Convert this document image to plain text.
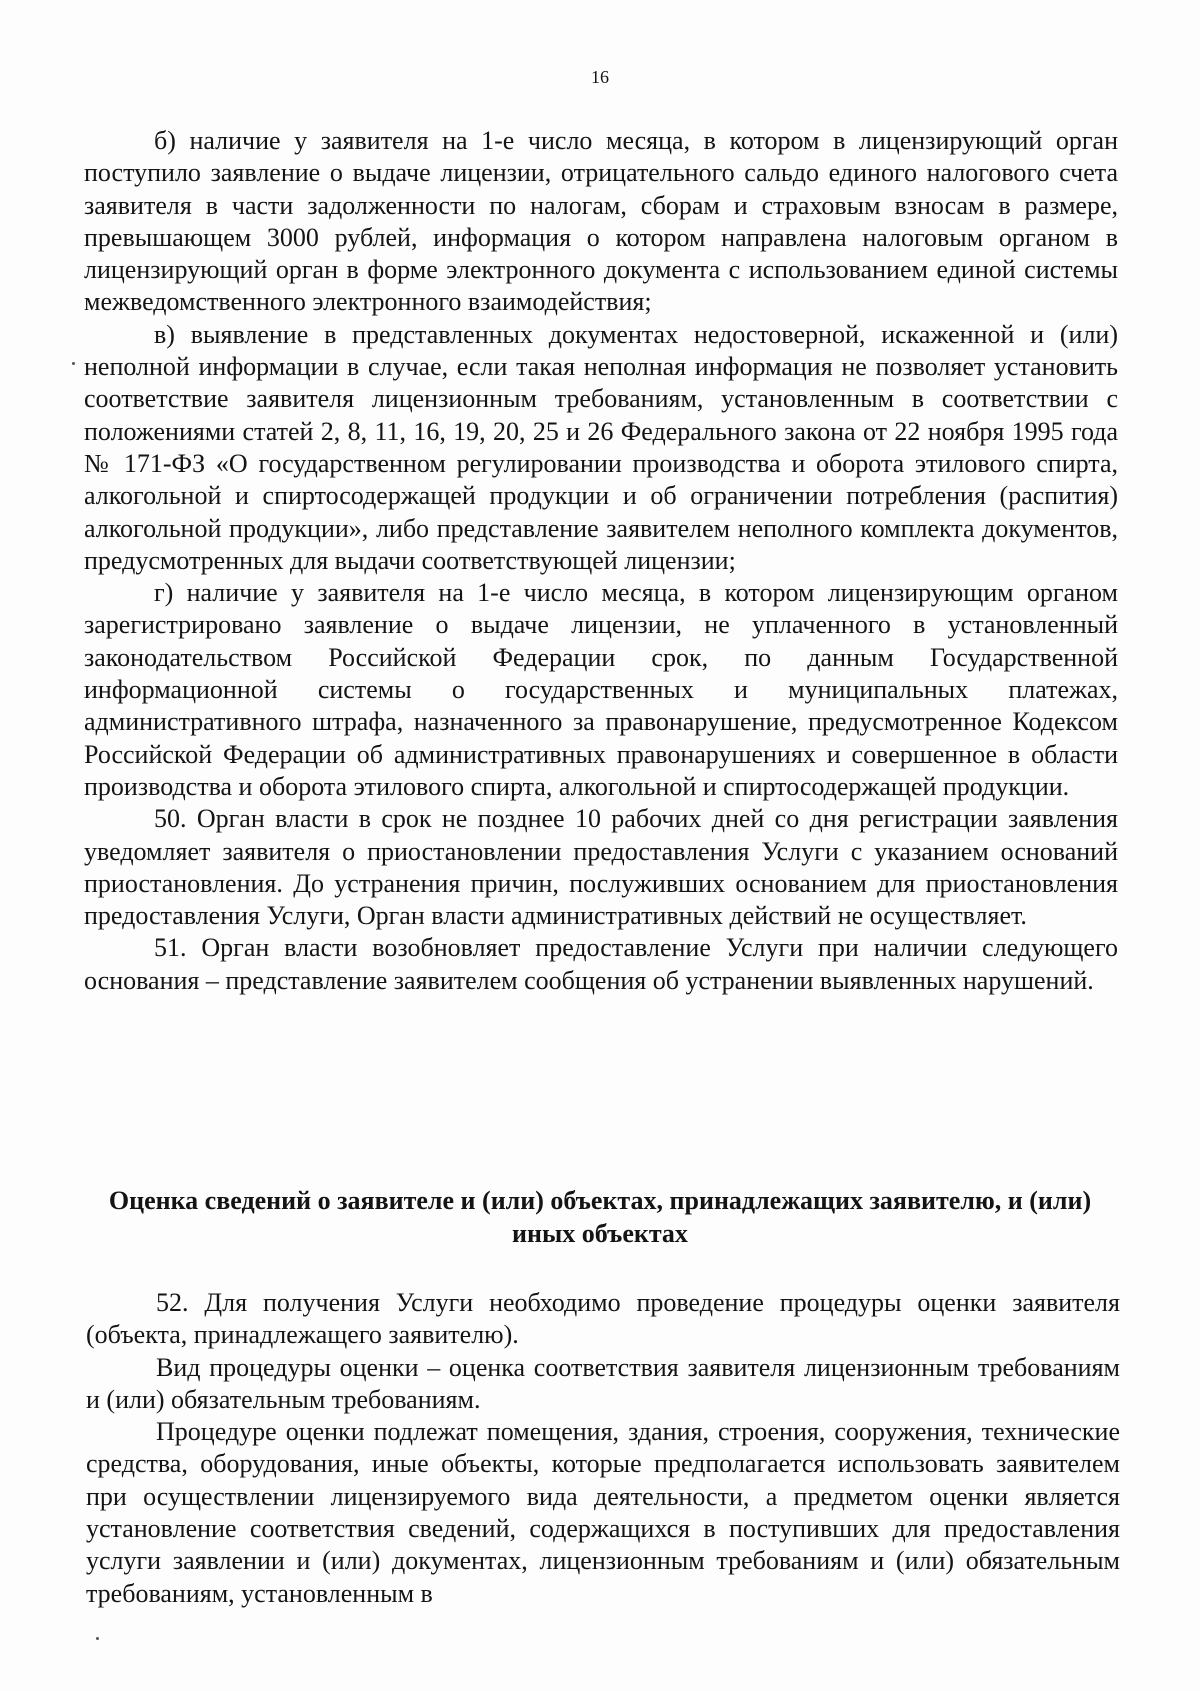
16

б) наличие у заявителя на 1-е число месяца, в котором в лицензирующий орган поступило заявление о выдаче лицензии, отрицательного сальдо единого налогового счета заявителя в части задолженности по налогам, сборам и страховым взносам в размере, превышающем 3000 рублей, информация о котором направлена налоговым органом в лицензирующий орган в форме электронного документа с использованием единой системы межведомственного электронного взаимодействия;

в) выявление в представленных документах недостоверной, искаженной и (или) неполной информации в случае, если такая неполная информация не позволяет установить соответствие заявителя лицензионным требованиям, установленным в соответствии с положениями статей 2, 8, 11, 16, 19, 20, 25 и 26 Федерального закона от 22 ноября 1995 года № 171-ФЗ «О государственном регулировании производства и оборота этилового спирта, алкогольной и спиртосодержащей продукции и об ограничении потребления (распития) алкогольной продукции», либо представление заявителем неполного комплекта документов, предусмотренных для выдачи соответствующей лицензии;

г) наличие у заявителя на 1-е число месяца, в котором лицензирующим органом зарегистрировано заявление о выдаче лицензии, не уплаченного в установленный законодательством Российской Федерации срок, по данным Государственной информационной системы о государственных и муниципальных платежах, административного штрафа, назначенного за правонарушение, предусмотренное Кодексом Российской Федерации об административных правонарушениях и совершенное в области производства и оборота этилового спирта, алкогольной и спиртосодержащей продукции.

50. Орган власти в срок не позднее 10 рабочих дней со дня регистрации заявления уведомляет заявителя о приостановлении предоставления Услуги с указанием оснований приостановления. До устранения причин, послуживших основанием для приостановления предоставления Услуги, Орган власти административных действий не осуществляет.

51. Орган власти возобновляет предоставление Услуги при наличии следующего основания – представление заявителем сообщения об устранении выявленных нарушений.

Оценка сведений о заявителе и (или) объектах, принадлежащих заявителю, и (или) иных объектах

52. Для получения Услуги необходимо проведение процедуры оценки заявителя (объекта, принадлежащего заявителю).

Вид процедуры оценки – оценка соответствия заявителя лицензионным требованиям и (или) обязательным требованиям.

Процедуре оценки подлежат помещения, здания, строения, сооружения, технические средства, оборудования, иные объекты, которые предполагается использовать заявителем при осуществлении лицензируемого вида деятельности, а предметом оценки является установление соответствия сведений, содержащихся в поступивших для предоставления услуги заявлении и (или) документах, лицензионным требованиям и (или) обязательным требованиям, установленным в
